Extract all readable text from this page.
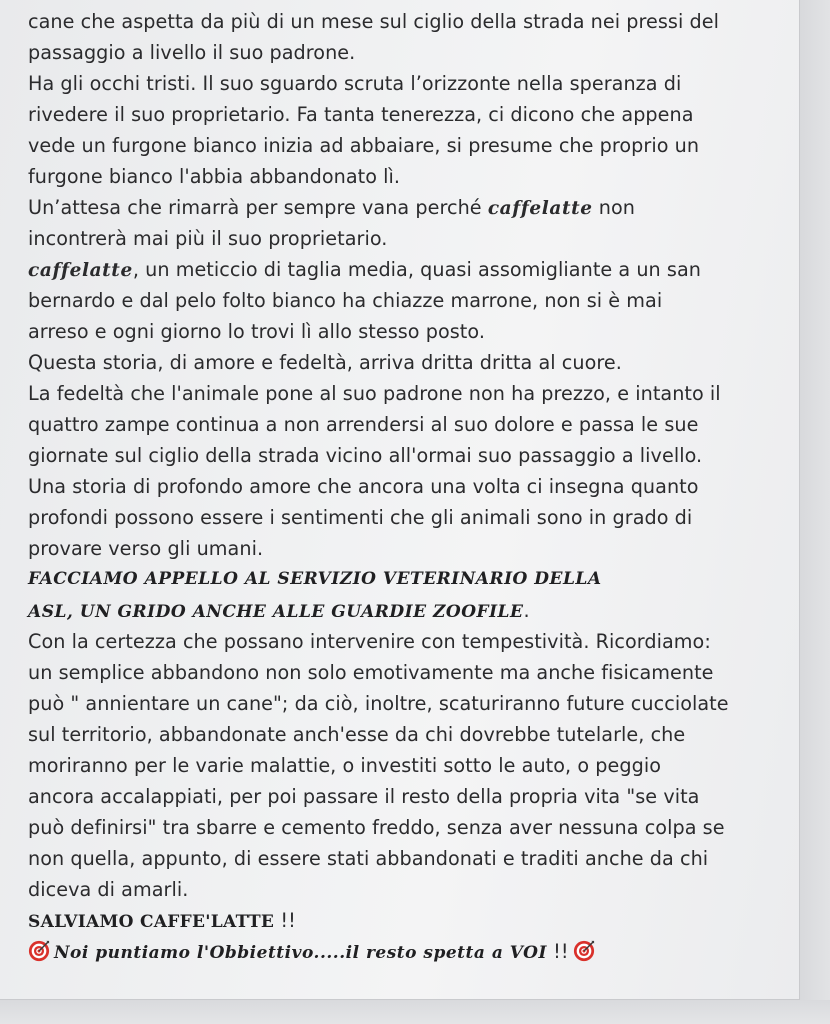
cane che aspetta da più di un mese sul ciglio della strada nei pressi del
passaggio a livello il suo padrone.
Ha gli occhi tristi. Il suo sguardo scruta l’orizzonte nella speranza di
rivedere il suo proprietario. Fa tanta tenerezza, ci dicono che appena
vede un furgone bianco inizia ad abbaiare, si presume che proprio un
furgone bianco l'abbia abbandonato lì.
Un’attesa che rimarrà per sempre vana perché caffelatte non
incontrerà mai più il suo proprietario.
caffelatte, un meticcio di taglia media, quasi assomigliante a un san
bernardo e dal pelo folto bianco ha chiazze marrone, non si è mai
arreso e ogni giorno lo trovi lì allo stesso posto.
Questa storia, di amore e fedeltà, arriva dritta dritta al cuore.
La fedeltà che l'animale pone al suo padrone non ha prezzo, e intanto il
quattro zampe continua a non arrendersi al suo dolore e passa le sue
giornate sul ciglio della strada vicino all'ormai suo passaggio a livello.
Una storia di profondo amore che ancora una volta ci insegna quanto
profondi possono essere i sentimenti che gli animali sono in grado di
provare verso gli umani.
FACCIAMO APPELLO AL SERVIZIO VETERINARIO DELLA
ASL, UN GRIDO ANCHE ALLE GUARDIE ZOOFILE.
Con la certezza che possano intervenire con tempestività. Ricordiamo:
un semplice abbandono non solo emotivamente ma anche fisicamente
può " annientare un cane"; da ciò, inoltre, scaturiranno future cucciolate
sul territorio, abbandonate anch'esse da chi dovrebbe tutelarle, che
moriranno per le varie malattie, o investiti sotto le auto, o peggio
ancora accalappiati, per poi passare il resto della propria vita "se vita
può definirsi" tra sbarre e cemento freddo, senza aver nessuna colpa se
non quella, appunto, di essere stati abbandonati e traditi anche da chi
diceva di amarli.
SALVIAMO CAFFE'LATTE !!
Noi puntiamo l'Obbiettivo.....il resto spetta a VOI !!
